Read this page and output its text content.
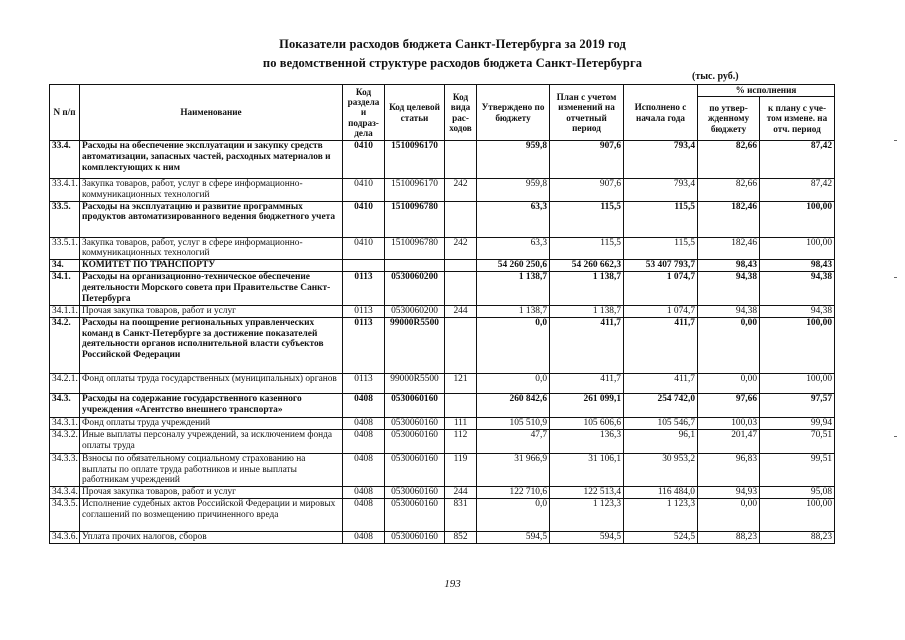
Показатели расходов бюджета Санкт-Петербурга за 2019 год
по ведомственной структуре расходов бюджета Санкт-Петербурга
(тыс. руб.)
N п/п	Наименование	Код раздела и подраз-дела	Код целевой статьи	Код вида рас-ходов	Утверждено по бюджету	План с учетом изменений на отчетный период	Исполнено с начала года	% исполнения	
								по утвер-жденному бюджету	к плану с уче-том измене. на отч. период
33.4.	Расходы на обеспечение эксплуатации и закупку средств автоматизации, запасных частей, расходных материалов и комплектующих к ним	0410	1510096170		959,8	907,6	793,4	82,66	87,42
33.4.1.	Закупка товаров, работ, услуг в сфере информационно-коммуникационных технологий	0410	1510096170	242	959,8	907,6	793,4	82,66	87,42
33.5.	Расходы на эксплуатацию и развитие программных продуктов автоматизированного ведения бюджетного учета	0410	1510096780		63,3	115,5	115,5	182,46	100,00
33.5.1.	Закупка товаров, работ, услуг в сфере информационно-коммуникационных технологий	0410	1510096780	242	63,3	115,5	115,5	182,46	100,00
34.	КОМИТЕТ ПО ТРАНСПОРТУ				54 260 250,6	54 260 662,3	53 407 793,7	98,43	98,43
34.1.	Расходы на организационно-техническое обеспечение деятельности Морского совета при Правительстве Санкт-Петербурга	0113	0530060200		1 138,7	1 138,7	1 074,7	94,38	94,38
34.1.1.	Прочая закупка товаров, работ и услуг	0113	0530060200	244	1 138,7	1 138,7	1 074,7	94,38	94,38
34.2.	Расходы на поощрение региональных управленческих команд в Санкт-Петербурге за достижение показателей деятельности органов исполнительной власти субъектов Российской Федерации	0113	99000R5500		0,0	411,7	411,7	0,00	100,00
34.2.1.	Фонд оплаты труда государственных (муниципальных) органов	0113	99000R5500	121	0,0	411,7	411,7	0,00	100,00
34.3.	Расходы на содержание государственного казенного учреждения «Агентство внешнего транспорта»	0408	0530060160		260 842,6	261 099,1	254 742,0	97,66	97,57
34.3.1.	Фонд оплаты труда учреждений	0408	0530060160	111	105 510,9	105 606,6	105 546,7	100,03	99,94
34.3.2.	Иные выплаты персоналу учреждений, за исключением фонда оплаты труда	0408	0530060160	112	47,7	136,3	96,1	201,47	70,51
34.3.3.	Взносы по обязательному социальному страхованию на выплаты по оплате труда работников и иные выплаты работникам учреждений	0408	0530060160	119	31 966,9	31 106,1	30 953,2	96,83	99,51
34.3.4.	Прочая закупка товаров, работ и услуг	0408	0530060160	244	122 710,6	122 513,4	116 484,0	94,93	95,08
34.3.5.	Исполнение судебных актов Российской Федерации и мировых соглашений по возмещению причиненного вреда	0408	0530060160	831	0,0	1 123,3	1 123,3	0,00	100,00
34.3.6.	Уплата прочих налогов, сборов	0408	0530060160	852	594,5	594,5	524,5	88,23	88,23
193
